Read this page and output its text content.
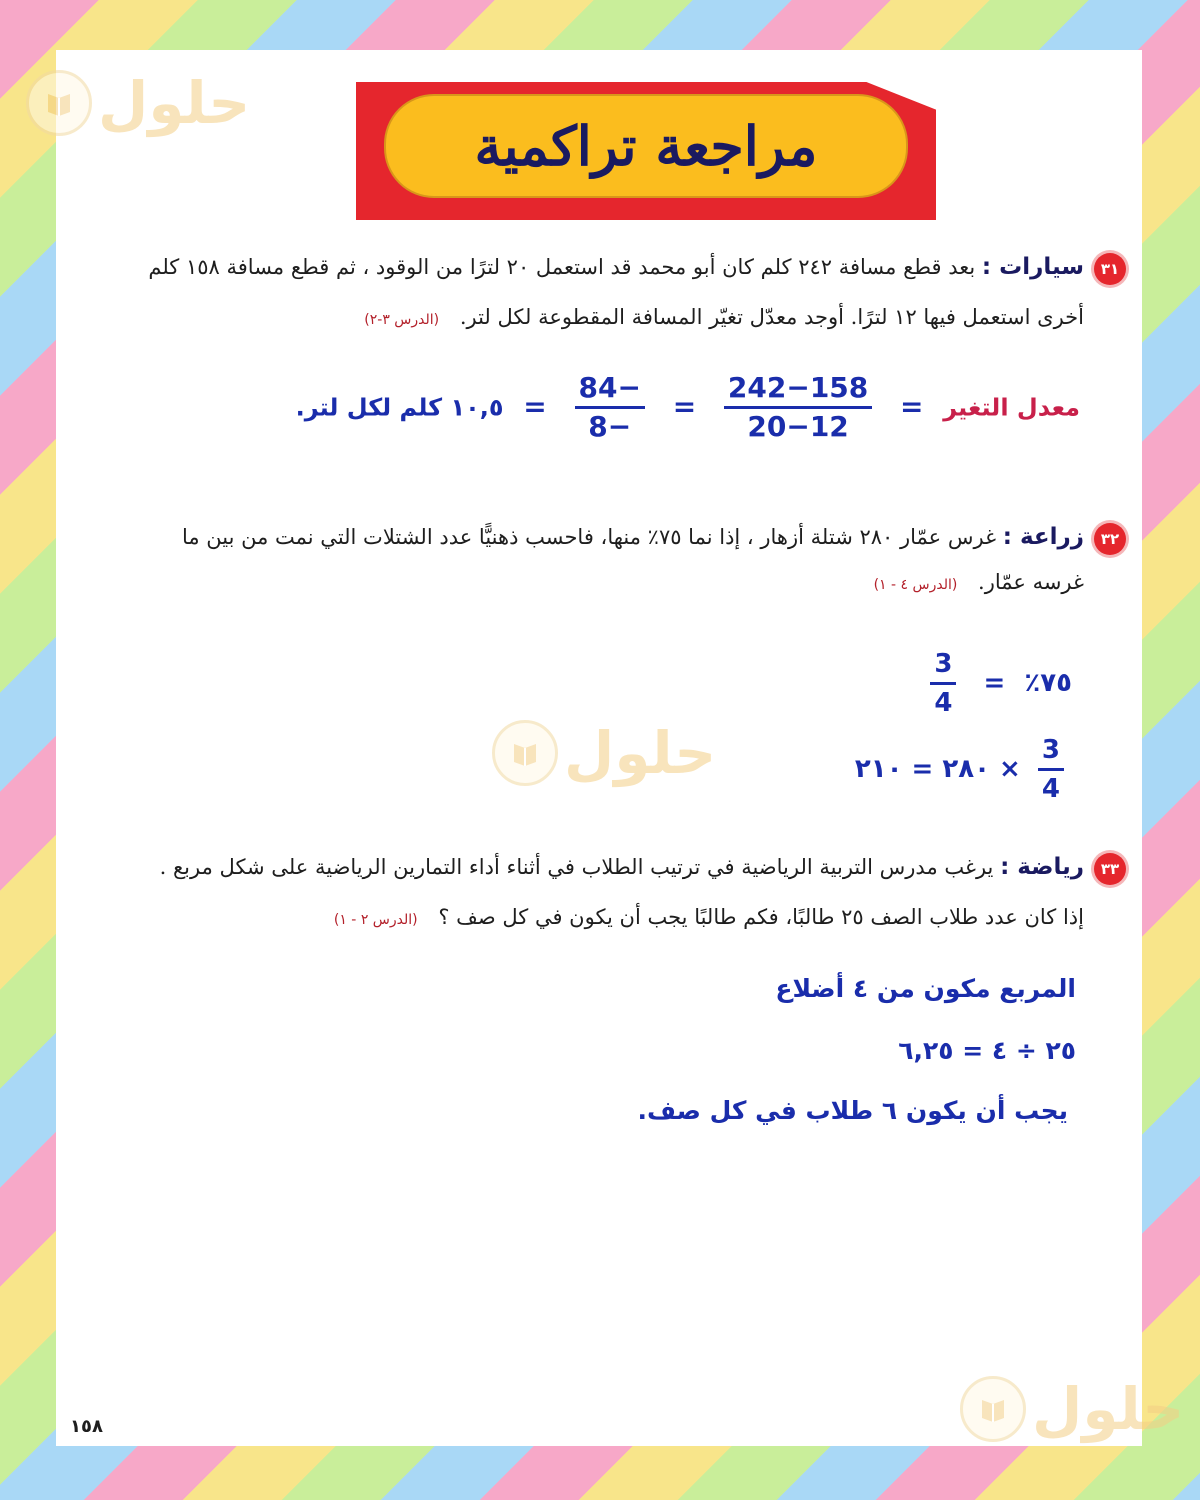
حلول
حلول
حلول
مراجعة تراكمية
٣١سيارات : بعد قطع مسافة ٢٤٢ كلم كان أبو محمد قد استعمل ٢٠ لترًا من الوقود ، ثم قطع مسافة ١٥٨ كلم
أخرى استعمل فيها ١٢ لترًا. أوجد معدّل تغيّر المسافة المقطوعة لكل لتر. (الدرس ٣-٢)
معدل التغير =
$\frac{242-158}{20-12}$
=
$\frac{84-}{8-}$
= ١٠,٥ كلم لكل لتر.
٣٢زراعة : غرس عمّار ٢٨٠ شتلة أزهار ، إذا نما ٧٥٪ منها، فاحسب ذهنيًّا عدد الشتلات التي نمت من بين ما
غرسه عمّار. (الدرس ٤ - ١)
٧٥٪ =
$\frac{3}{4}$
$\frac{3}{4}$
× ٢٨٠ = ٢١٠
٣٣رياضة : يرغب مدرس التربية الرياضية في ترتيب الطلاب في أثناء أداء التمارين الرياضية على شكل مربع .
إذا كان عدد طلاب الصف ٢٥ طالبًا، فكم طالبًا يجب أن يكون في كل صف ؟ (الدرس ٢ - ١)
المربع مكون من ٤ أضلاع
٢٥ ÷ ٤ = ٦,٢٥
يجب أن يكون ٦ طلاب في كل صف.
١٥٨
